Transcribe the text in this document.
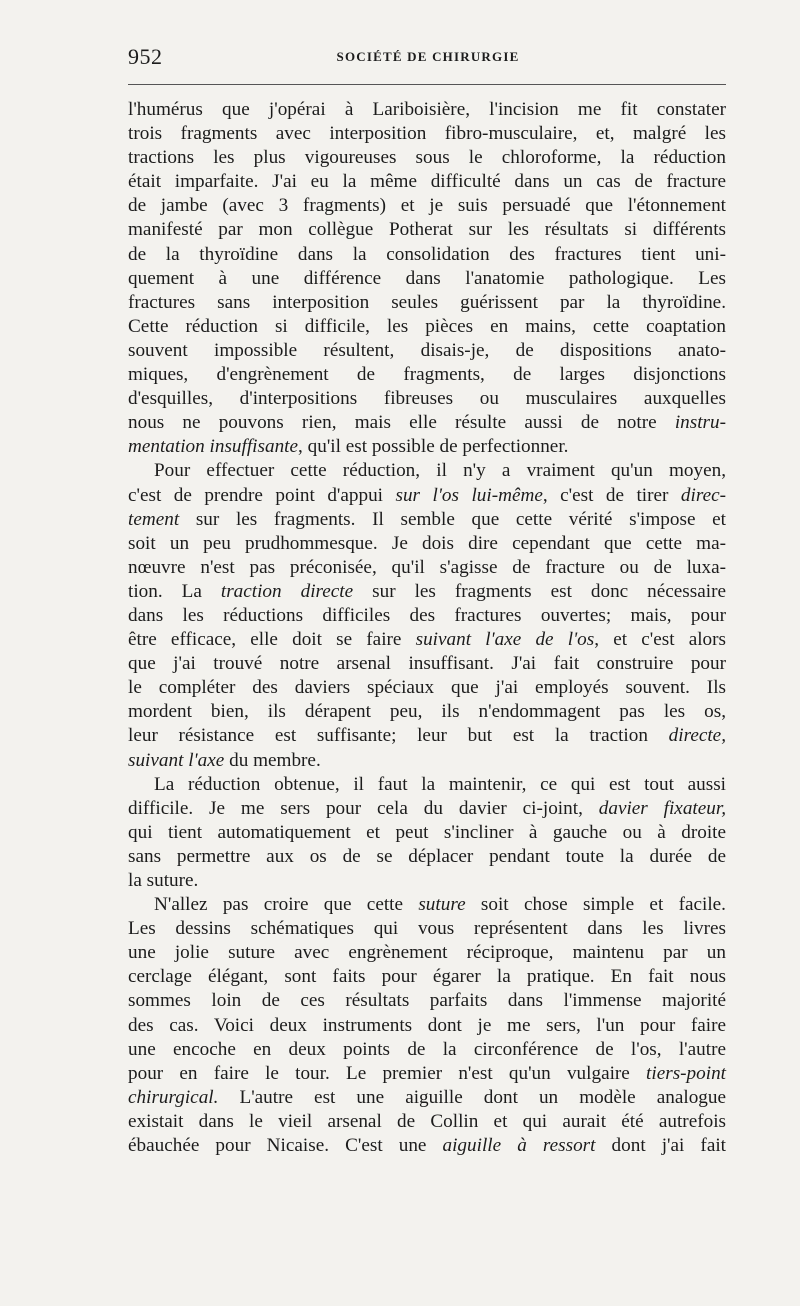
952	SOCIÉTÉ DE CHIRURGIE
l'humérus que j'opérai à Lariboisière, l'incision me fit constater
trois fragments avec interposition fibro-musculaire, et, malgré les
tractions les plus vigoureuses sous le chloroforme, la réduction
était imparfaite. J'ai eu la même difficulté dans un cas de fracture
de jambe (avec 3 fragments) et je suis persuadé que l'étonnement
manifesté par mon collègue Potherat sur les résultats si différents
de la thyroïdine dans la consolidation des fractures tient uni-
quement à une différence dans l'anatomie pathologique. Les
fractures sans interposition seules guérissent par la thyroïdine.
Cette réduction si difficile, les pièces en mains, cette coaptation
souvent impossible résultent, disais-je, de dispositions anato-
miques, d'engrènement de fragments, de larges disjonctions
d'esquilles, d'interpositions fibreuses ou musculaires auxquelles
nous ne pouvons rien, mais elle résulte aussi de notre instru-
mentation insuffisante, qu'il est possible de perfectionner.
Pour effectuer cette réduction, il n'y a vraiment qu'un moyen,
c'est de prendre point d'appui sur l'os lui-même, c'est de tirer direc-
tement sur les fragments. Il semble que cette vérité s'impose et
soit un peu prudhommesque. Je dois dire cependant que cette ma-
nœuvre n'est pas préconisée, qu'il s'agisse de fracture ou de luxa-
tion. La traction directe sur les fragments est donc nécessaire
dans les réductions difficiles des fractures ouvertes; mais, pour
être efficace, elle doit se faire suivant l'axe de l'os, et c'est alors
que j'ai trouvé notre arsenal insuffisant. J'ai fait construire pour
le compléter des daviers spéciaux que j'ai employés souvent. Ils
mordent bien, ils dérapent peu, ils n'endommagent pas les os,
leur résistance est suffisante; leur but est la traction directe,
suivant l'axe du membre.
La réduction obtenue, il faut la maintenir, ce qui est tout aussi
difficile. Je me sers pour cela du davier ci-joint, davier fixateur,
qui tient automatiquement et peut s'incliner à gauche ou à droite
sans permettre aux os de se déplacer pendant toute la durée de
la suture.
N'allez pas croire que cette suture soit chose simple et facile.
Les dessins schématiques qui vous représentent dans les livres
une jolie suture avec engrènement réciproque, maintenu par un
cerclage élégant, sont faits pour égarer la pratique. En fait nous
sommes loin de ces résultats parfaits dans l'immense majorité
des cas. Voici deux instruments dont je me sers, l'un pour faire
une encoche en deux points de la circonférence de l'os, l'autre
pour en faire le tour. Le premier n'est qu'un vulgaire tiers-point
chirurgical. L'autre est une aiguille dont un modèle analogue
existait dans le vieil arsenal de Collin et qui aurait été autrefois
ébauchée pour Nicaise. C'est une aiguille à ressort dont j'ai fait
